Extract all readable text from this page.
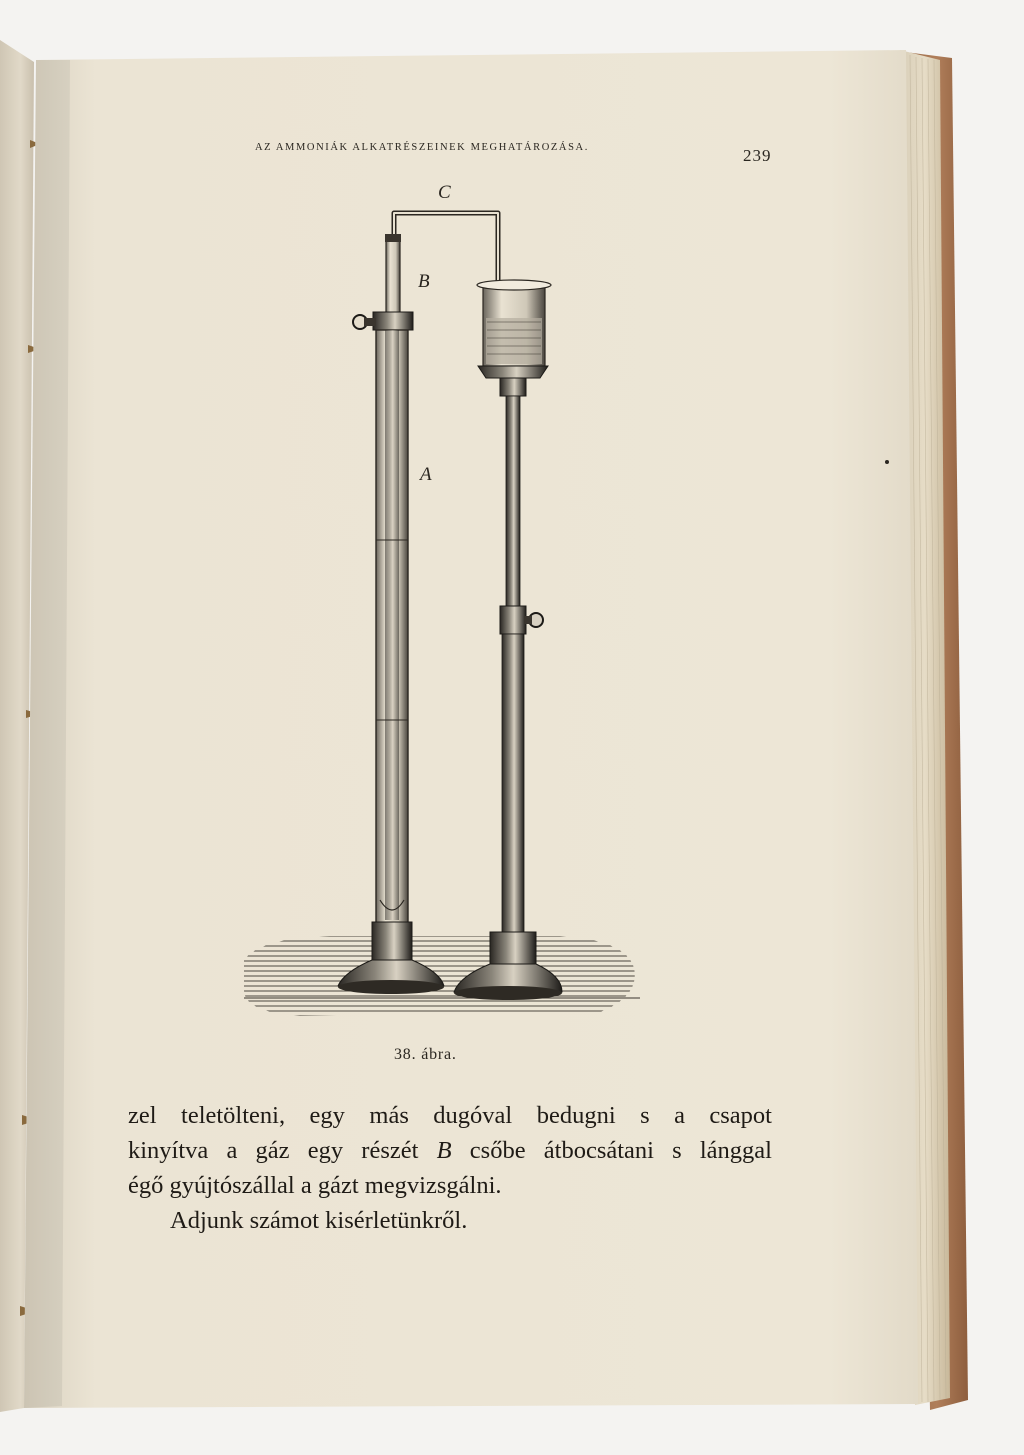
AZ AMMONIÁK ALKATRÉSZEINEK MEGHATÁROZÁSA.	239
C
B
A
38. ábra.

zel teletölteni, egy más dugóval bedugni s a csapot

kinyítva a gáz egy részét B csőbe átbocsátani s lánggal

égő gyújtószállal a gázt megvizsgálni.

Adjunk számot kisérletünkről.
